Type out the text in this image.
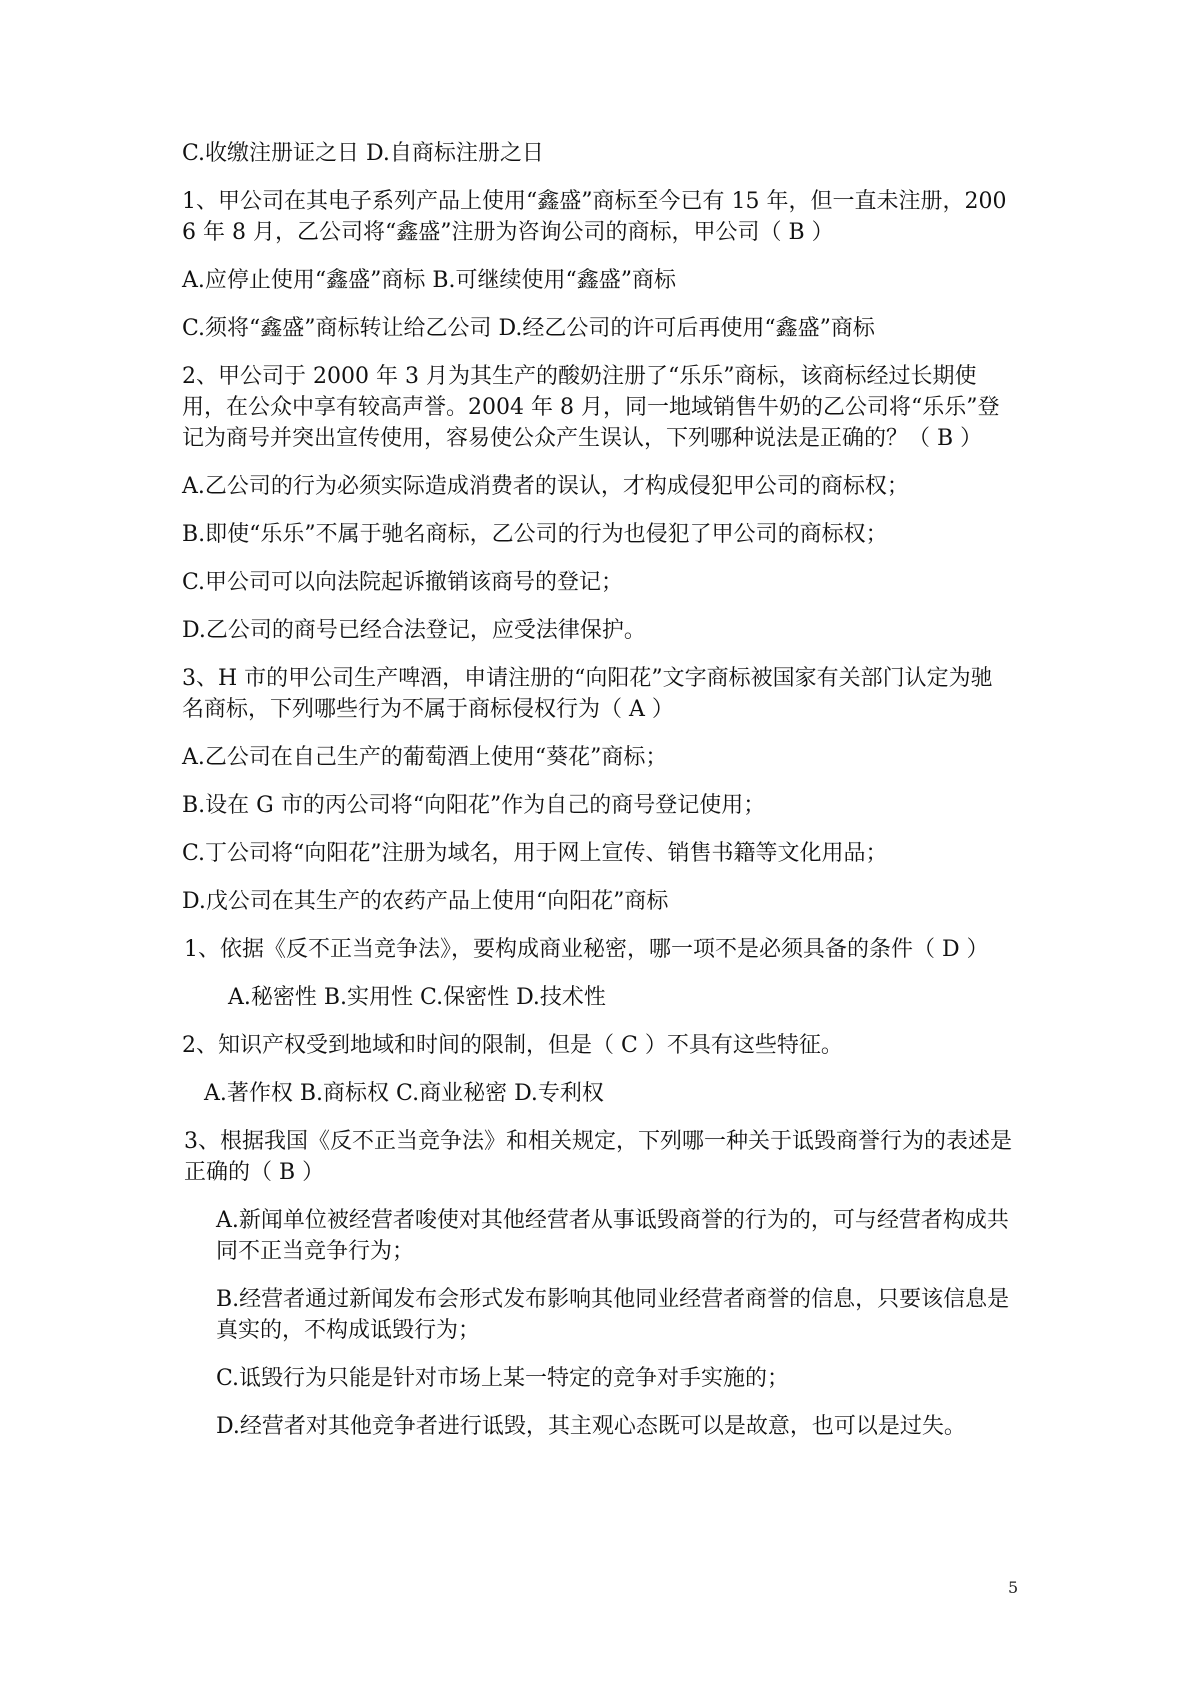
C.收缴注册证之日 D.自商标注册之日

1、甲公司在其电子系列产品上使用“鑫盛”商标至今已有 15 年，但一直未注册，2006 年 8 月，乙公司将“鑫盛”注册为咨询公司的商标，甲公司（ B ）

A.应停止使用“鑫盛”商标 B.可继续使用“鑫盛”商标

C.须将“鑫盛”商标转让给乙公司 D.经乙公司的许可后再使用“鑫盛”商标

2、甲公司于 2000 年 3 月为其生产的酸奶注册了“乐乐”商标，该商标经过长期使用，在公众中享有较高声誉。2004 年 8 月，同一地域销售牛奶的乙公司将“乐乐”登记为商号并突出宣传使用，容易使公众产生误认，下列哪种说法是正确的？（ B ）

A.乙公司的行为必须实际造成消费者的误认，才构成侵犯甲公司的商标权；

B.即使“乐乐”不属于驰名商标，乙公司的行为也侵犯了甲公司的商标权；

C.甲公司可以向法院起诉撤销该商号的登记；

D.乙公司的商号已经合法登记，应受法律保护。

3、H 市的甲公司生产啤酒，申请注册的“向阳花”文字商标被国家有关部门认定为驰名商标，下列哪些行为不属于商标侵权行为（ A ）

A.乙公司在自己生产的葡萄酒上使用“葵花”商标；

B.设在 G 市的丙公司将“向阳花”作为自己的商号登记使用；

C.丁公司将“向阳花”注册为域名，用于网上宣传、销售书籍等文化用品；

D.戊公司在其生产的农药产品上使用“向阳花”商标

1、依据《反不正当竞争法》，要构成商业秘密，哪一项不是必须具备的条件（ D ）

A.秘密性 B.实用性 C.保密性 D.技术性

2、知识产权受到地域和时间的限制，但是（ C ）不具有这些特征。

A.著作权 B.商标权 C.商业秘密 D.专利权

3、根据我国《反不正当竞争法》和相关规定，下列哪一种关于诋毁商誉行为的表述是正确的（ B ）

A.新闻单位被经营者唆使对其他经营者从事诋毁商誉的行为的，可与经营者构成共同不正当竞争行为；

B.经营者通过新闻发布会形式发布影响其他同业经营者商誉的信息，只要该信息是真实的，不构成诋毁行为；

C.诋毁行为只能是针对市场上某一特定的竞争对手实施的；

D.经营者对其他竞争者进行诋毁，其主观心态既可以是故意，也可以是过失。

5
